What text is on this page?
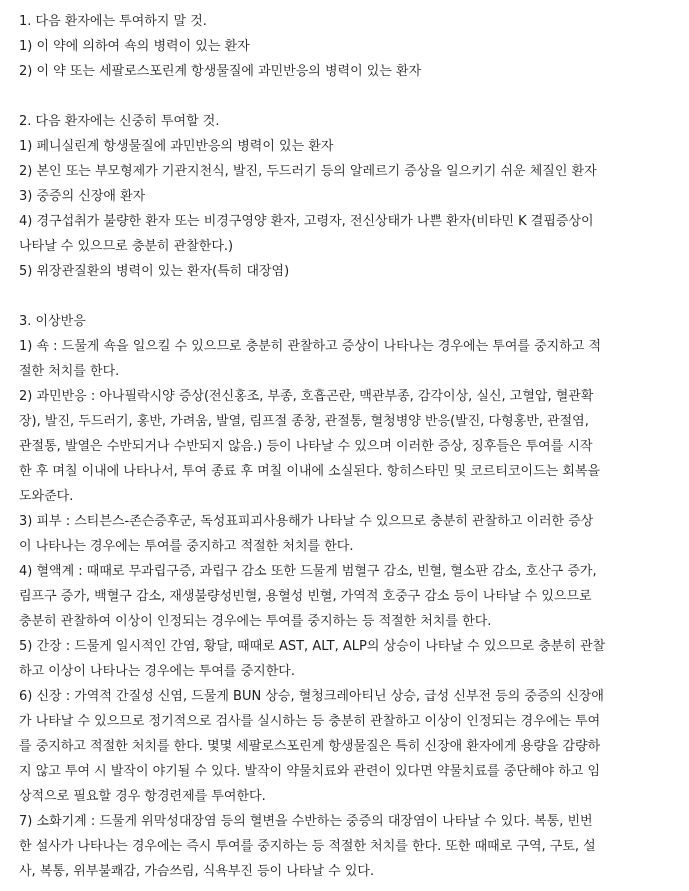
1. 다음 환자에는 투여하지 말 것.
1) 이 약에 의하여 쇽의 병력이 있는 환자
2) 이 약 또는 세팔로스포린계 항생물질에 과민반응의 병력이 있는 환자
2. 다음 환자에는 신중히 투여할 것.
1) 페니실린계 항생물질에 과민반응의 병력이 있는 환자
2) 본인 또는 부모형제가 기관지천식, 발진, 두드러기 등의 알레르기 증상을 일으키기 쉬운 체질인 환자
3) 중증의 신장애 환자
4) 경구섭취가 불량한 환자 또는 비경구영양 환자, 고령자, 전신상태가 나쁜 환자(비타민 K 결핍증상이
나타날 수 있으므로 충분히 관찰한다.)
5) 위장관질환의 병력이 있는 환자(특히 대장염)
3. 이상반응
1) 쇽 : 드물게 쇽을 일으킬 수 있으므로 충분히 관찰하고 증상이 나타나는 경우에는 투여를 중지하고 적
절한 처치를 한다.
2) 과민반응 : 아나필락시양 증상(전신홍조, 부종, 호흡곤란, 맥관부종, 감각이상, 실신, 고혈압, 혈관확
장), 발진, 두드러기, 홍반, 가려움, 발열, 림프절 종창, 관절통, 혈청병양 반응(발진, 다형홍반, 관절염,
관절통, 발열은 수반되거나 수반되지 않음.) 등이 나타날 수 있으며 이러한 증상, 징후들은 투여를 시작
한 후 며칠 이내에 나타나서, 투여 종료 후 며칠 이내에 소실된다. 항히스타민 및 코르티코이드는 회복을
도와준다.
3) 피부 : 스티븐스-존슨증후군, 독성표피괴사용해가 나타날 수 있으므로 충분히 관찰하고 이러한 증상
이 나타나는 경우에는 투여를 중지하고 적절한 처치를 한다.
4) 혈액계 : 때때로 무과립구증, 과립구 감소 또한 드물게 범혈구 감소, 빈혈, 혈소판 감소, 호산구 증가,
림프구 증가, 백혈구 감소, 재생불량성빈혈, 용혈성 빈혈, 가역적 호중구 감소 등이 나타날 수 있으므로
충분히 관찰하여 이상이 인정되는 경우에는 투여를 중지하는 등 적절한 처치를 한다.
5) 간장 : 드물게 일시적인 간염, 황달, 때때로 AST, ALT, ALP의 상승이 나타날 수 있으므로 충분히 관찰
하고 이상이 나타나는 경우에는 투여를 중지한다.
6) 신장 : 가역적 간질성 신염, 드물게 BUN 상승, 혈청크레아티닌 상승, 급성 신부전 등의 중증의 신장애
가 나타날 수 있으므로 정기적으로 검사를 실시하는 등 충분히 관찰하고 이상이 인정되는 경우에는 투여
를 중지하고 적절한 처치를 한다. 몇몇 세팔로스포린계 항생물질은 특히 신장애 환자에게 용량을 감량하
지 않고 투여 시 발작이 야기될 수 있다. 발작이 약물치료와 관련이 있다면 약물치료를 중단해야 하고 임
상적으로 필요할 경우 항경련제를 투여한다.
7) 소화기계 : 드물게 위막성대장염 등의 혈변을 수반하는 중증의 대장염이 나타날 수 있다. 복통, 빈번
한 설사가 나타나는 경우에는 즉시 투여를 중지하는 등 적절한 처치를 한다. 또한 때때로 구역, 구토, 설
사, 복통, 위부불쾌감, 가슴쓰림, 식욕부진 등이 나타날 수 있다.
